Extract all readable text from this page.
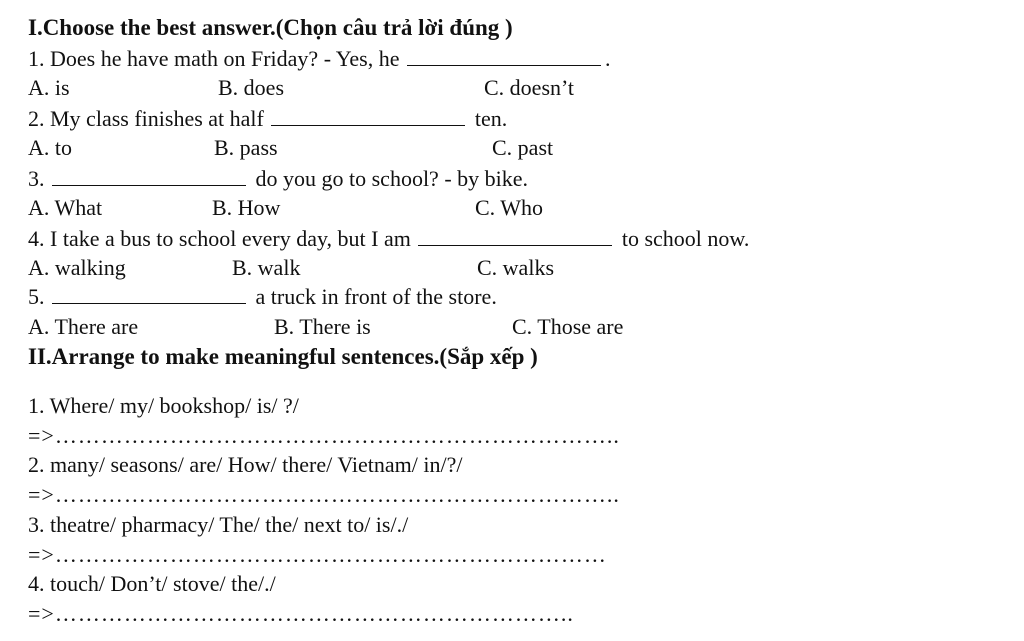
I.Choose the best answer.(Chọn câu trả lời đúng )
1. Does he have math on Friday? - Yes, he	.
A. is	B. does	C. doesn’t
2. My class finishes at half	ten.
A. to	B. pass	C. past
3.	do you go to school? - by bike.
A. What	B. How	C. Who
4. I take a bus to school every day, but I am	to school now.
A. walking	B. walk	C. walks
5.	a truck in front of the store.
A. There are	B. There is	C. Those are
II.Arrange to make meaningful sentences.(Sắp xếp )
1. Where/ my/ bookshop/ is/ ?/
=>………………………………………………………………..
2. many/ seasons/ are/ How/ there/ Vietnam/ in/?/
=>………………………………………………………………..
3. theatre/ pharmacy/ The/ the/ next to/ is/./
=>………………………………………………………………
4. touch/ Don’t/ stove/ the/./
=>…………………………………………………………..
